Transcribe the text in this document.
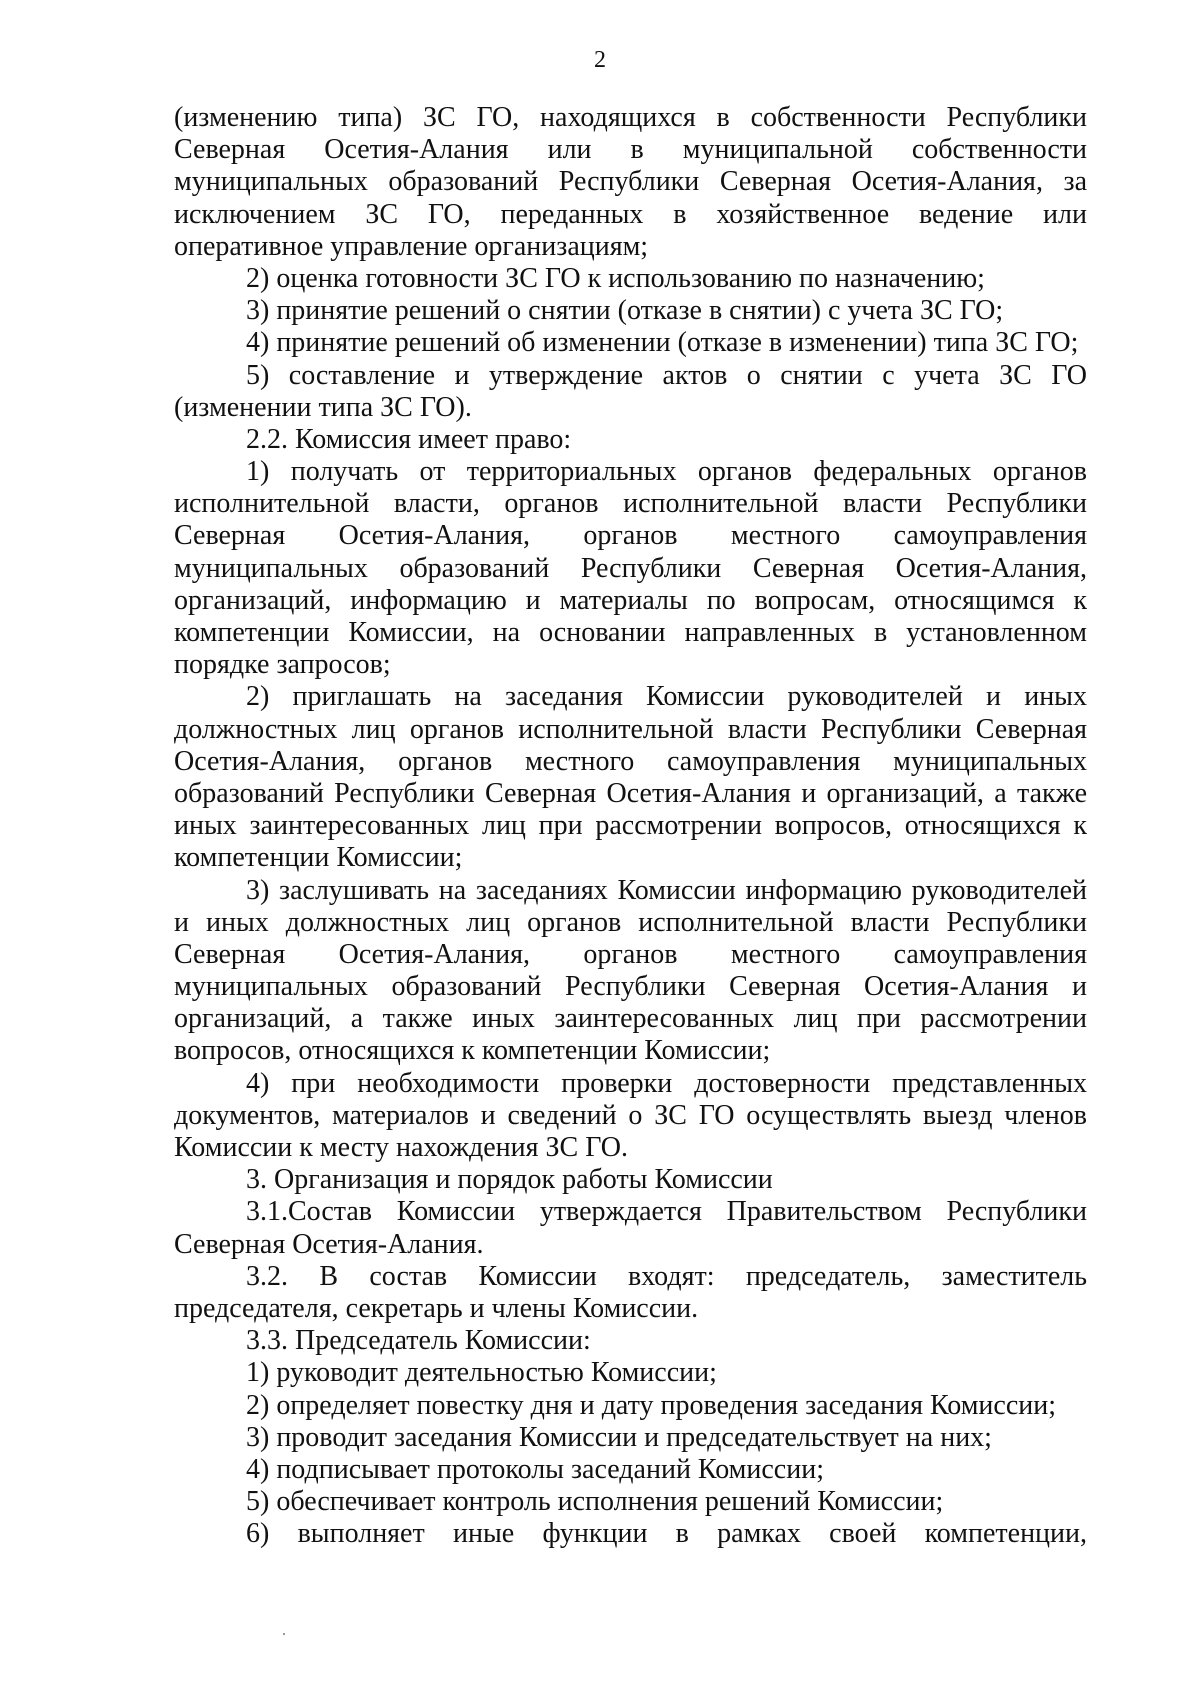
2
(изменению типа) ЗС ГО, находящихся в собственности Республики
Северная Осетия-Алания или в муниципальной собственности
муниципальных образований Республики Северная Осетия-Алания, за
исключением ЗС ГО, переданных в хозяйственное ведение или
оперативное управление организациям;
2) оценка готовности ЗС ГО к использованию по назначению;
3) принятие решений о снятии (отказе в снятии) с учета ЗС ГО;
4) принятие решений об изменении (отказе в изменении) типа ЗС ГО;
5) составление и утверждение актов о снятии с учета ЗС ГО
(изменении типа ЗС ГО).
2.2. Комиссия имеет право:
1) получать от территориальных органов федеральных органов
исполнительной власти, органов исполнительной власти Республики
Северная Осетия-Алания, органов местного самоуправления
муниципальных образований Республики Северная Осетия-Алания,
организаций, информацию и материалы по вопросам, относящимся к
компетенции Комиссии, на основании направленных в установленном
порядке запросов;
2) приглашать на заседания Комиссии руководителей и иных
должностных лиц органов исполнительной власти Республики Северная
Осетия-Алания, органов местного самоуправления муниципальных
образований Республики Северная Осетия-Алания и организаций, а также
иных заинтересованных лиц при рассмотрении вопросов, относящихся к
компетенции Комиссии;
3) заслушивать на заседаниях Комиссии информацию руководителей
и иных должностных лиц органов исполнительной власти Республики
Северная Осетия-Алания, органов местного самоуправления
муниципальных образований Республики Северная Осетия-Алания и
организаций, а также иных заинтересованных лиц при рассмотрении
вопросов, относящихся к компетенции Комиссии;
4) при необходимости проверки достоверности представленных
документов, материалов и сведений о ЗС ГО осуществлять выезд членов
Комиссии к месту нахождения ЗС ГО.
3. Организация и порядок работы Комиссии
3.1.Состав Комиссии утверждается Правительством Республики
Северная Осетия-Алания.
3.2. В состав Комиссии входят: председатель, заместитель
председателя, секретарь и члены Комиссии.
3.3. Председатель Комиссии:
1) руководит деятельностью Комиссии;
2) определяет повестку дня и дату проведения заседания Комиссии;
3) проводит заседания Комиссии и председательствует на них;
4) подписывает протоколы заседаний Комиссии;
5) обеспечивает контроль исполнения решений Комиссии;
6) выполняет иные функции в рамках своей компетенции,
